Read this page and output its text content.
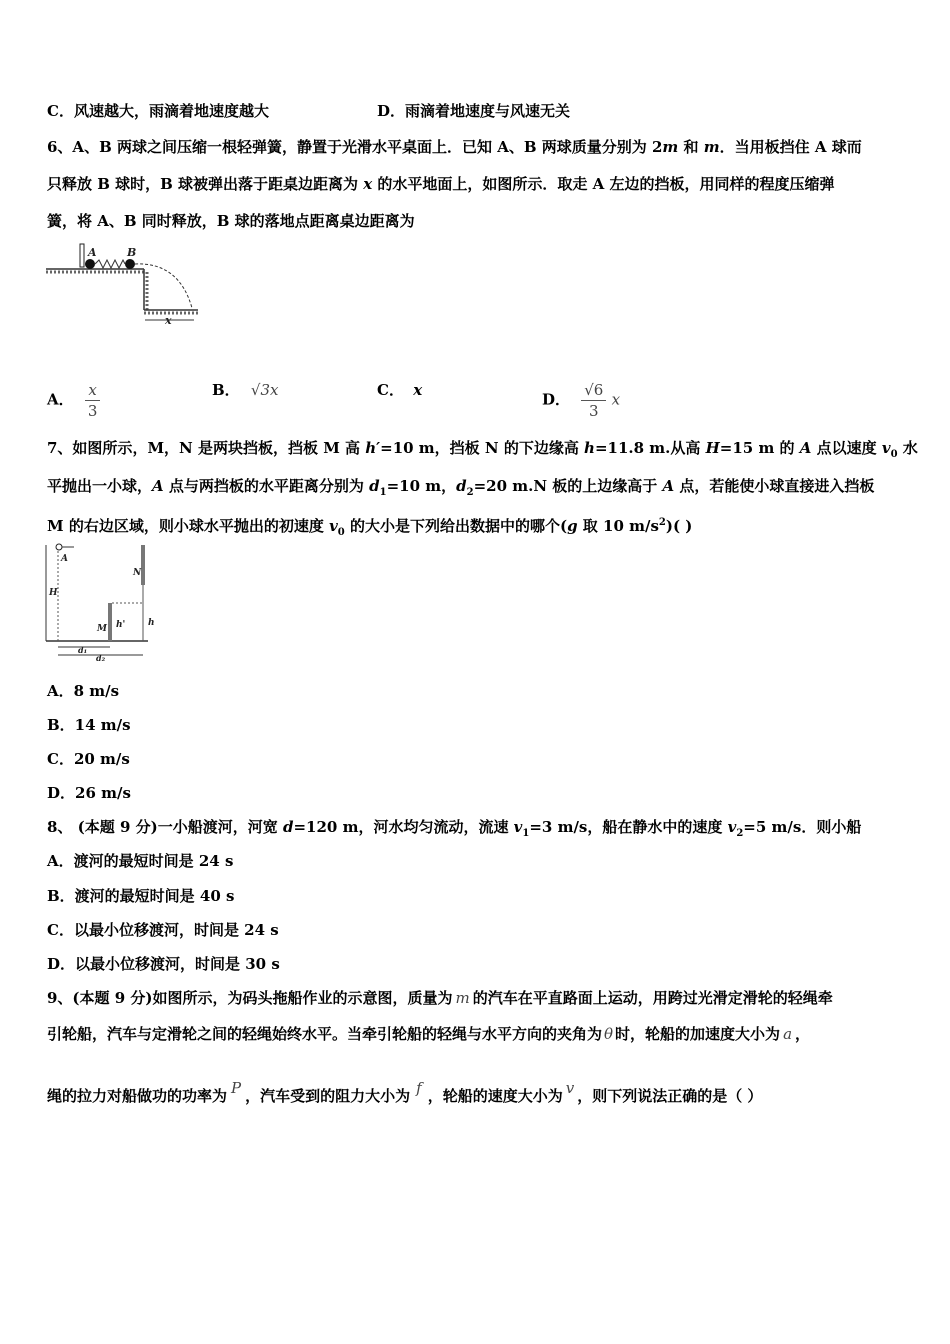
C．风速越大，雨滴着地速度越大	D．雨滴着地速度与风速无关
6、A、B 两球之间压缩一根轻弹簧，静置于光滑水平桌面上．已知 A、B 两球质量分别为 2m 和 m．当用板挡住 A 球而
只释放 B 球时，B 球被弹出落于距桌边距离为 x 的水平地面上，如图所示．取走 A 左边的挡板，用同样的程度压缩弹
簧，将 A、B 同时释放，B 球的落地点距离桌边距离为
A	B
x
A． $\frac{x}{3}$	B． √3x	C． x
D． $\frac{√6}{3}$ x
7、如图所示，M，N 是两块挡板，挡板 M 高 h′=10 m，挡板 N 的下边缘高 h=11.8 m.从高 H=15 m 的 A 点以速度 $v_0$ 水
平抛出一小球，A 点与两挡板的水平距离分别为 $d_1=10$ m，$d_2=20$ m.N 板的上边缘高于 A 点，若能使小球直接进入挡板
M 的右边区域，则小球水平抛出的初速度 $v_0$ 的大小是下列给出数据中的哪个(g 取 10 $m/s^2$)( )
A
H
M h'
N
h
d₁
d₂
A．8 m/s
B．14 m/s
C．20 m/s
D．26 m/s
8、 (本题 9 分)一小船渡河，河宽 d=120 m，河水均匀流动，流速 $v_1=3$ m/s，船在静水中的速度 $v_2=5$ m/s．则小船
A．渡河的最短时间是 24 s
B．渡河的最短时间是 40 s
C．以最小位移渡河，时间是 24 s
D．以最小位移渡河，时间是 30 s
9、(本题 9 分)如图所示，为码头拖船作业的示意图，质量为 m 的汽车在平直路面上运动，用跨过光滑定滑轮的轻绳牵
引轮船，汽车与定滑轮之间的轻绳始终水平。当牵引轮船的轻绳与水平方向的夹角为 θ 时，轮船的加速度大小为 a ，
绳的拉力对船做功的功率为 P ，汽车受到的阻力大小为 f ，轮船的速度大小为 v ，则下列说法正确的是（ ）
